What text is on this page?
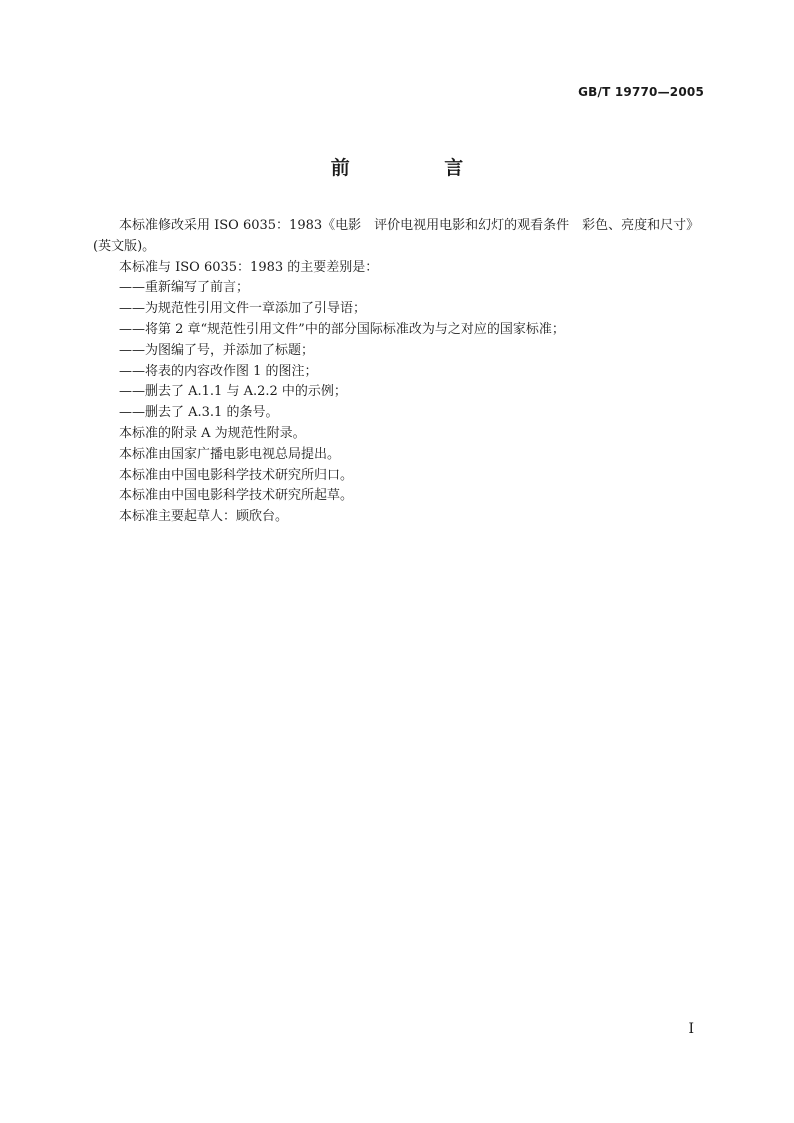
GB/T 19770—2005
前 言

本标准修改采用 ISO 6035：1983《电影　评价电视用电影和幻灯的观看条件　彩色、亮度和尺寸》(英文版)。

本标准与 ISO 6035：1983 的主要差别是：

——重新编写了前言；

——为规范性引用文件一章添加了引导语；

——将第 2 章“规范性引用文件”中的部分国际标准改为与之对应的国家标准；

——为图编了号，并添加了标题；

——将表的内容改作图 1 的图注；

——删去了 A.1.1 与 A.2.2 中的示例；

——删去了 A.3.1 的条号。

本标准的附录 A 为规范性附录。

本标准由国家广播电影电视总局提出。

本标准由中国电影科学技术研究所归口。

本标准由中国电影科学技术研究所起草。

本标准主要起草人：顾欣台。

I
